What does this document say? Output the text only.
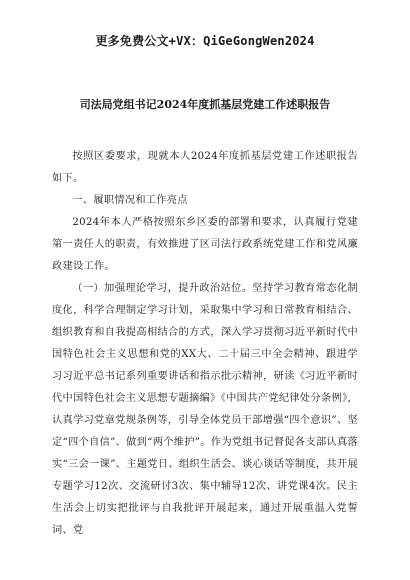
更多免费公文+VX：QiGeGongWen2024
司法局党组书记2024年度抓基层党建工作述职报告

按照区委要求，现就本人2024年度抓基层党建工作述职报告如下。

一、履职情况和工作亮点

2024年本人严格按照东乡区委的部署和要求，认真履行党建第一责任人的职责，有效推进了区司法行政系统党建工作和党风廉政建设工作。

（一）加强理论学习，提升政治站位。坚持学习教育常态化制度化，科学合理制定学习计划，采取集中学习和日常教育相结合、组织教育和自我提高相结合的方式，深入学习贯彻习近平新时代中国特色社会主义思想和党的XX大、二十届三中全会精神、跟进学习习近平总书记系列重要讲话和指示批示精神，研读《习近平新时代中国特色社会主义思想专题摘编》《中国共产党纪律处分条例》，认真学习党章党规条例等，引导全体党员干部增强“四个意识”、坚定“四个自信”、做到“两个维护”。作为党组书记督促各支部认真落实“三会一课”、主题党日、组织生活会、谈心谈话等制度，共开展专题学习12次、交流研讨3次、集中辅导12次、讲党课4次。民主生活会上切实把批评与自我批评开展起来，通过开展重温入党誓词、党
